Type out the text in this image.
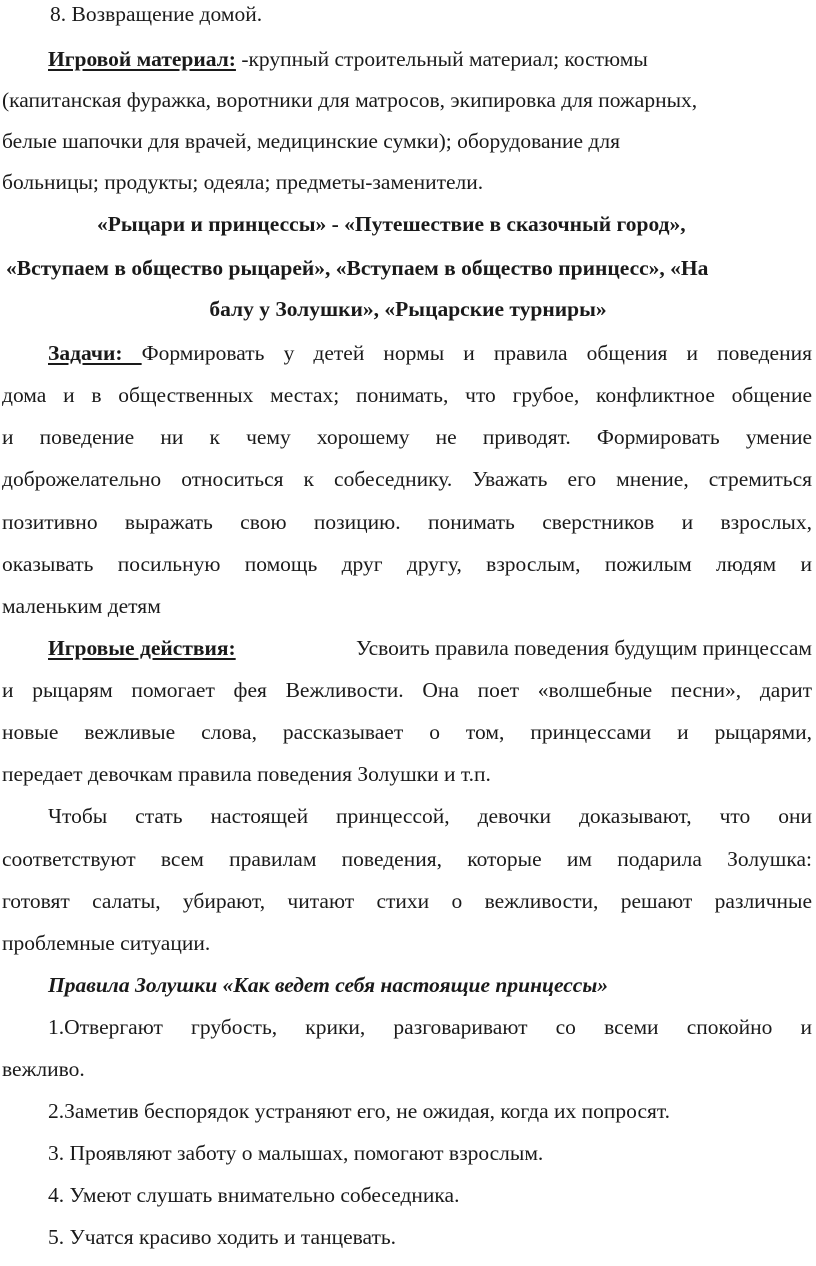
8. Возвращение домой.
Игровой материал: -крупный строительный материал; костюмы
(капитанская фуражка, воротники для матросов, экипировка для пожарных,
белые шапочки для врачей, медицинские сумки); оборудование для
больницы; продукты; одеяла; предметы-заменители.
«Рыцари и принцессы» - «Путешествие в сказочный город»,
«Вступаем в общество рыцарей», «Вступаем в общество принцесс», «На
балу у Золушки», «Рыцарские турниры»
Задачи: Формировать у детей нормы и правила общения и поведения
дома и в общественных местах; понимать, что грубое, конфликтное общение
и поведение ни к чему хорошему не приводят. Формировать умение
доброжелательно относиться к собеседнику. Уважать его мнение, стремиться
позитивно выражать свою позицию. понимать сверстников и взрослых,
оказывать посильную помощь друг другу, взрослым, пожилым людям и
маленьким детям
Игровые действия:	Усвоить правила поведения будущим принцессам
и рыцарям помогает фея Вежливости. Она поет «волшебные песни», дарит
новые вежливые слова, рассказывает о том, принцессами и рыцарями,
передает девочкам правила поведения Золушки и т.п.
Чтобы стать настоящей принцессой, девочки доказывают, что они
соответствуют всем правилам поведения, которые им подарила Золушка:
готовят салаты, убирают, читают стихи о вежливости, решают различные
проблемные ситуации.
Правила Золушки «Как ведет себя настоящие принцессы»
1.Отвергают грубость, крики, разговаривают со всеми спокойно и
вежливо.
2.Заметив беспорядок устраняют его, не ожидая, когда их попросят.
3. Проявляют заботу о малышах, помогают взрослым.
4. Умеют слушать внимательно собеседника.
5. Учатся красиво ходить и танцевать.
